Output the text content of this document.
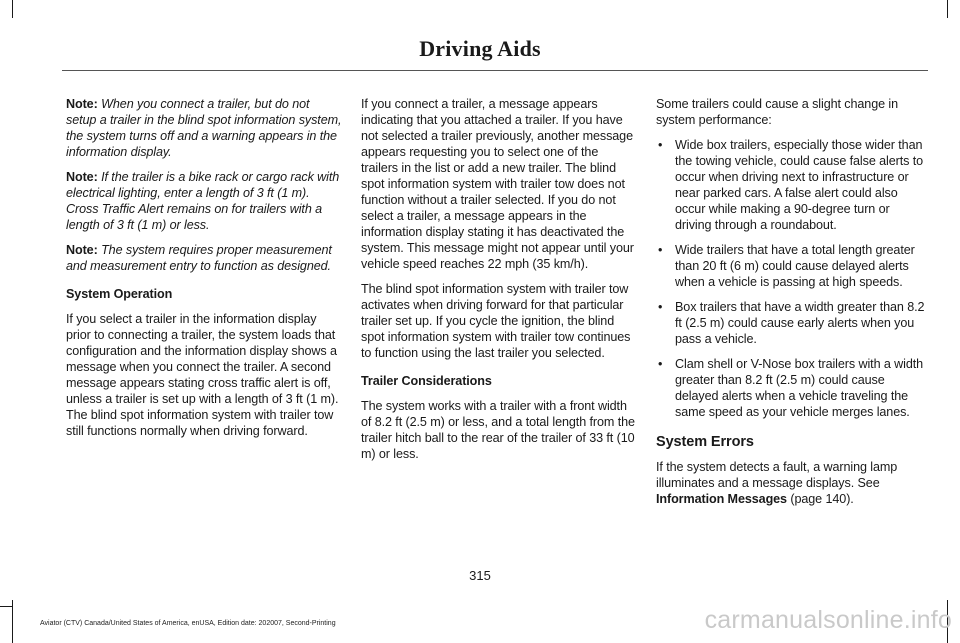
Driving Aids

Note: When you connect a trailer, but do not setup a trailer in the blind spot information system, the system turns off and a warning appears in the information display.

Note: If the trailer is a bike rack or cargo rack with electrical lighting, enter a length of 3 ft (1 m). Cross Traffic Alert remains on for trailers with a length of 3 ft (1 m) or less.

Note: The system requires proper measurement and measurement entry to function as designed.

System Operation

If you select a trailer in the information display prior to connecting a trailer, the system loads that configuration and the information display shows a message when you connect the trailer. A second message appears stating cross traffic alert is off, unless a trailer is set up with a length of 3 ft (1 m). The blind spot information system with trailer tow still functions normally when driving forward.

If you connect a trailer, a message appears indicating that you attached a trailer. If you have not selected a trailer previously, another message appears requesting you to select one of the trailers in the list or add a new trailer. The blind spot information system with trailer tow does not function without a trailer selected. If you do not select a trailer, a message appears in the information display stating it has deactivated the system. This message might not appear until your vehicle speed reaches 22 mph (35 km/h).

The blind spot information system with trailer tow activates when driving forward for that particular trailer set up. If you cycle the ignition, the blind spot information system with trailer tow continues to function using the last trailer you selected.

Trailer Considerations

The system works with a trailer with a front width of 8.2 ft (2.5 m) or less, and a total length from the trailer hitch ball to the rear of the trailer of 33 ft (10 m) or less.

Some trailers could cause a slight change in system performance:

• Wide box trailers, especially those wider than the towing vehicle, could cause false alerts to occur when driving next to infrastructure or near parked cars. A false alert could also occur while making a 90-degree turn or driving through a roundabout.
• Wide trailers that have a total length greater than 20 ft (6 m) could cause delayed alerts when a vehicle is passing at high speeds.
• Box trailers that have a width greater than 8.2 ft (2.5 m) could cause early alerts when you pass a vehicle.
• Clam shell or V-Nose box trailers with a width greater than 8.2 ft (2.5 m) could cause delayed alerts when a vehicle traveling the same speed as your vehicle merges lanes.

System Errors

If the system detects a fault, a warning lamp illuminates and a message displays. See Information Messages (page 140).

315
Aviator (CTV) Canada/United States of America, enUSA, Edition date: 202007, Second-Printing	carmanualsonline.info
